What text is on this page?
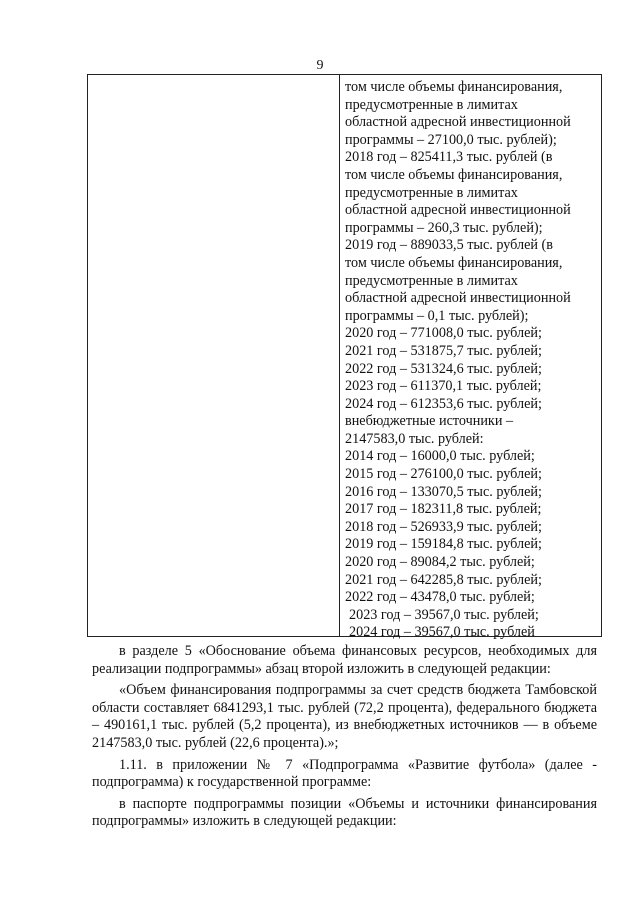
9
том числе объемы финансирования,
предусмотренные в лимитах
областной адресной инвестиционной
программы – 27100,0 тыс. рублей);
2018 год – 825411,3 тыс. рублей (в
том числе объемы финансирования,
предусмотренные в лимитах
областной адресной инвестиционной
программы – 260,3 тыс. рублей);
2019 год – 889033,5 тыс. рублей (в
том числе объемы финансирования,
предусмотренные в лимитах
областной адресной инвестиционной
программы – 0,1 тыс. рублей);
2020 год – 771008,0 тыс. рублей;
2021 год – 531875,7 тыс. рублей;
2022 год – 531324,6 тыс. рублей;
2023 год – 611370,1 тыс. рублей;
2024 год – 612353,6 тыс. рублей;
внебюджетные источники –
2147583,0 тыс. рублей:
2014 год – 16000,0 тыс. рублей;
2015 год – 276100,0 тыс. рублей;
2016 год – 133070,5 тыс. рублей;
2017 год – 182311,8 тыс. рублей;
2018 год – 526933,9 тыс. рублей;
2019 год – 159184,8 тыс. рублей;
2020 год – 89084,2 тыс. рублей;
2021 год – 642285,8 тыс. рублей;
2022 год – 43478,0 тыс. рублей;
2023 год – 39567,0 тыс. рублей;
2024 год – 39567,0 тыс. рублей

в разделе 5 «Обоснование объема финансовых ресурсов, необходимых для реализации подпрограммы» абзац второй изложить в следующей редакции:

«Объем финансирования подпрограммы за счет средств бюджета Тамбовской области составляет 6841293,1 тыс. рублей (72,2 процента), федерального бюджета – 490161,1 тыс. рублей (5,2 процента), из внебюджетных источников — в объеме 2147583,0 тыс. рублей (22,6 процента).»;

1.11. в приложении № 7 «Подпрограмма «Развитие футбола» (далее - подпрограмма) к государственной программе:

в паспорте подпрограммы позиции «Объемы и источники финансирования подпрограммы» изложить в следующей редакции:
